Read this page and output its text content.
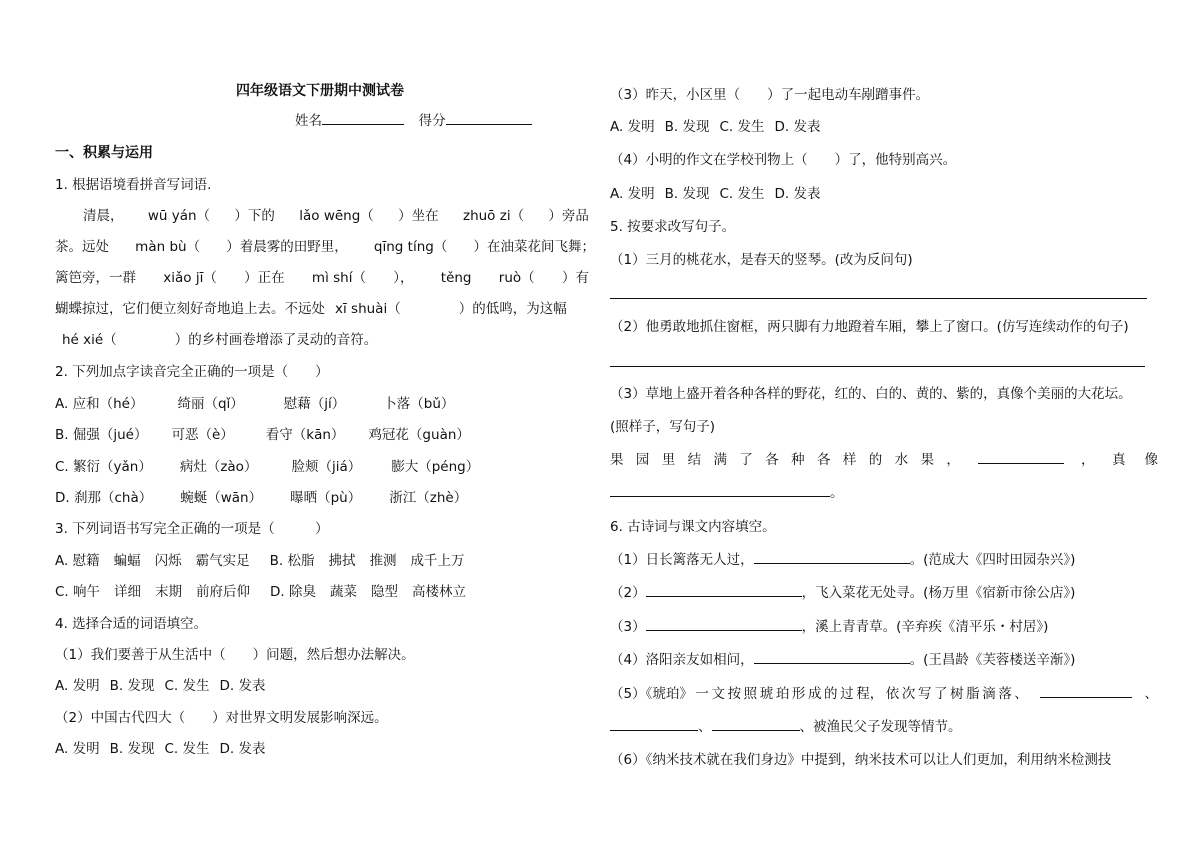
四年级语文下册期中测试卷
姓名	得分
一、积累与运用
1. 根据语境看拼音写词语.
清晨， wū yán（ ）下的 lǎo wēng（ ）坐在 zhuō zi（ ）旁品
茶。远处 màn bù（ ）着晨雾的田野里， qīng tíng（ ）在油菜花间飞舞；
篱笆旁，一群 xiǎo jī（ ）正在 mì shí（ ）， těng ruò（ ）有
蝴蝶掠过，它们便立刻好奇地追上去。不远处 xī shuài（	）的低鸣，为这幅
hé xié（	）的乡村画卷增添了灵动的音符。
2. 下列加点字读音完全正确的一项是（　　）
A. 应和（hé）	绮丽（qǐ）	慰藉（jí）	卜落（bǔ）
B. 倔强（jué） 可恶（è） 看守（kān） 鸡冠花（guàn）
C. 繁衍（yǎn） 病灶（zào）	脸颊（jiá） 膨大（péng）
D. 刹那（chà） 蜿蜒（wān） 曝晒（pù） 浙江（zhè）
3. 下列词语书写完全正确的一项是（　　　）
A. 慰籍 蝙蝠 闪烁 霸气实足 B. 松脂 拂拭 推测 成千上万
C. 响午 详细 末期 前府后仰 D. 除臭 蔬菜 隐型 高楼林立
4. 选择合适的词语填空。
（1）我们要善于从生活中（　　）问题，然后想办法解决。
A. 发明 B. 发现 C. 发生 D. 发表
（2）中国古代四大（　　）对世界文明发展影响深远。
A. 发明 B. 发现 C. 发生 D. 发表
（3）昨天，小区里（　　）了一起电动车剐蹭事件。
A. 发明 B. 发现 C. 发生 D. 发表
（4）小明的作文在学校刊物上（　　）了，他特别高兴。
A. 发明 B. 发现 C. 发生 D. 发表
5. 按要求改写句子。
（1）三月的桃花水，是春天的竖琴。(改为反问句)
（2）他勇敢地抓住窗框，两只脚有力地蹬着车厢，攀上了窗口。(仿写连续动作的句子)
（3）草地上盛开着各种各样的野花，红的、白的、黄的、紫的，真像个美丽的大花坛。
(照样子，写句子)
果 园 里 结 满 了 各 种 各 样 的 水 果 ，	， 真 像
。
6. 古诗词与课文内容填空。
（1）日长篱落无人过，	。(范成大《四时田园杂兴》)
（2）	，飞入菜花无处寻。(杨万里《宿新市徐公店》)
（3）	，溪上青青草。(辛弃疾《清平乐・村居》)
（4）洛阳亲友如相问，	。(王昌龄《芙蓉楼送辛渐》)
（5）《琥珀》 一 文 按 照 琥 珀 形 成 的 过 程， 依 次 写 了 树 脂 滴 落 、	、
、	、被渔民父子发现等情节。
（6）《纳米技术就在我们身边》中提到，纳米技术可以让人们更加，利用纳米检测技
